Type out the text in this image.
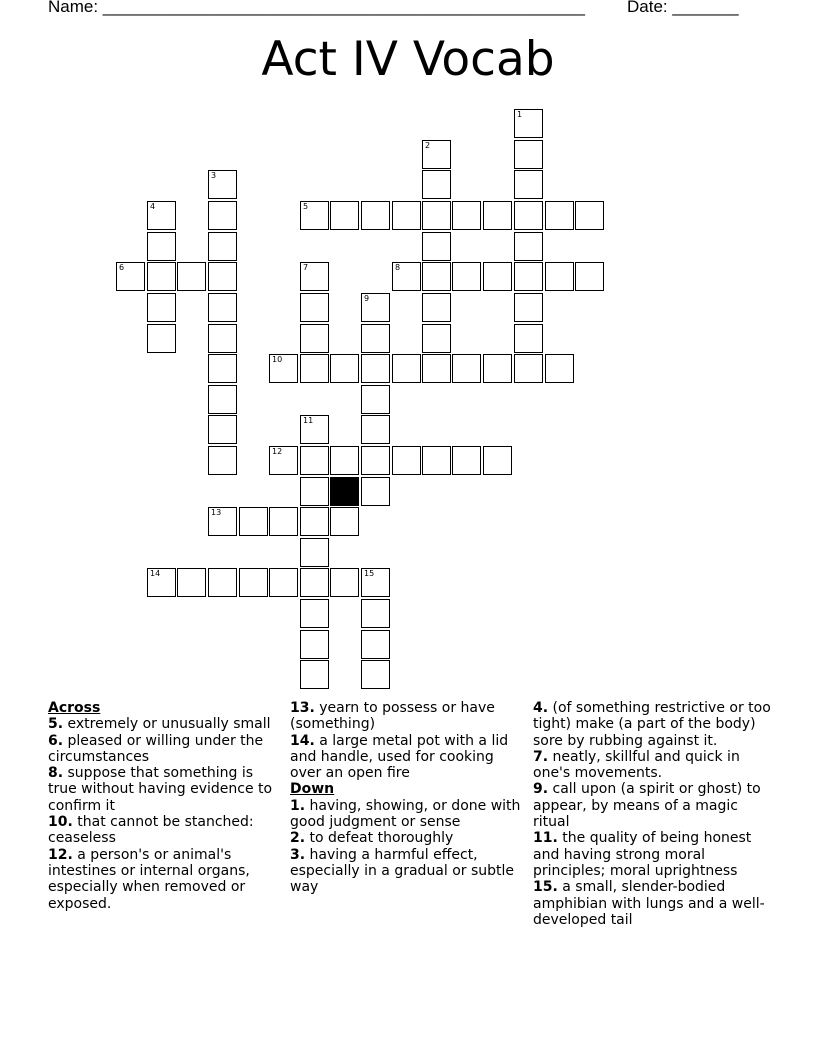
Name: ___________________________________________________ Date: _______
Act IV Vocab
1
2
3
4	5
6	7	8
9
10
11
12
13
14	15
Across
5. extremely or unusually small
6. pleased or willing under the circumstances
8. suppose that something is true without having evidence to confirm it
10. that cannot be stanched: ceaseless
12. a person's or animal's intestines or internal organs, especially when removed or exposed.
13. yearn to possess or have (something)
14. a large metal pot with a lid and handle, used for cooking over an open fire
Down
1. having, showing, or done with good judgment or sense
2. to defeat thoroughly
3. having a harmful effect, especially in a gradual or subtle way
4. (of something restrictive or too tight) make (a part of the body) sore by rubbing against it.
7. neatly, skillful and quick in one's movements.
9. call upon (a spirit or ghost) to appear, by means of a magic ritual
11. the quality of being honest and having strong moral principles; moral uprightness
15. a small, slender-bodied amphibian with lungs and a well-developed tail
